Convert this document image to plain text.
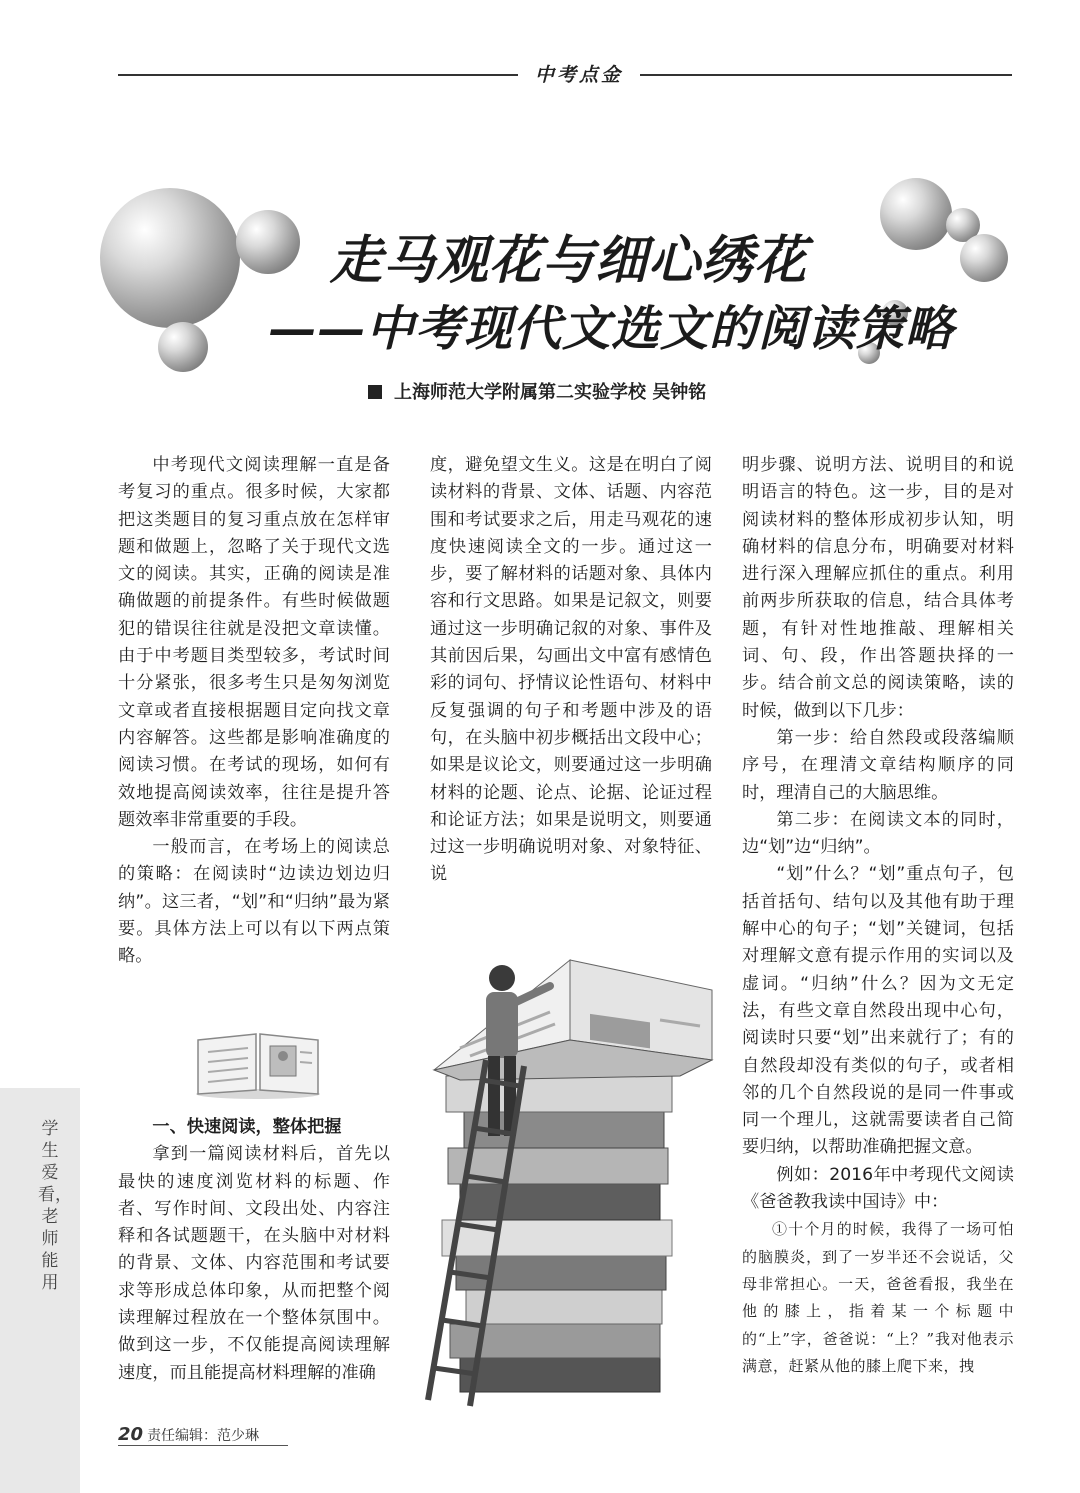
中考点金
走马观花与细心绣花
——中考现代文选文的阅读策略
上海师范大学附属第二实验学校 吴钟铭

中考现代文阅读理解一直是备考复习的重点。很多时候，大家都把这类题目的复习重点放在怎样审题和做题上，忽略了关于现代文选文的阅读。其实，正确的阅读是准确做题的前提条件。有些时候做题犯的错误往往就是没把文章读懂。由于中考题目类型较多，考试时间十分紧张，很多考生只是匆匆浏览文章或者直接根据题目定向找文章内容解答。这些都是影响准确度的阅读习惯。在考试的现场，如何有效地提高阅读效率，往往是提升答题效率非常重要的手段。

一般而言，在考场上的阅读总的策略：在阅读时“边读边划边归纳”。这三者，“划”和“归纳”最为紧要。具体方法上可以有以下两点策略。

一、快速阅读，整体把握

拿到一篇阅读材料后，首先以最快的速度浏览材料的标题、作者、写作时间、文段出处、内容注释和各试题题干，在头脑中对材料的背景、文体、内容范围和考试要求等形成总体印象，从而把整个阅读理解过程放在一个整体氛围中。做到这一步，不仅能提高阅读理解速度，而且能提高材料理解的准确

度，避免望文生义。这是在明白了阅读材料的背景、文体、话题、内容范围和考试要求之后，用走马观花的速度快速阅读全文的一步。通过这一步，要了解材料的话题对象、具体内容和行文思路。如果是记叙文，则要通过这一步明确记叙的对象、事件及其前因后果，勾画出文中富有感情色彩的词句、抒情议论性语句、材料中反复强调的句子和考题中涉及的语句，在头脑中初步概括出文段中心；如果是议论文，则要通过这一步明确材料的论题、论点、论据、论证过程和论证方法；如果是说明文，则要通过这一步明确说明对象、对象特征、说

明步骤、说明方法、说明目的和说明语言的特色。这一步，目的是对阅读材料的整体形成初步认知，明确材料的信息分布，明确要对材料进行深入理解应抓住的重点。利用前两步所获取的信息，结合具体考题，有针对性地推敲、理解相关词、句、段，作出答题抉择的一步。结合前文总的阅读策略，读的时候，做到以下几步：

第一步：给自然段或段落编顺序号，在理清文章结构顺序的同时，理清自己的大脑思维。

第二步：在阅读文本的同时，边“划”边“归纳”。

“划”什么？“划”重点句子，包括首括句、结句以及其他有助于理解中心的句子；“划”关键词，包括对理解文意有提示作用的实词以及虚词。“归纳”什么？因为文无定法，有些文章自然段出现中心句，阅读时只要“划”出来就行了；有的自然段却没有类似的句子，或者相邻的几个自然段说的是同一件事或同一个理儿，这就需要读者自己简要归纳，以帮助准确把握文意。

例如：2016年中考现代文阅读《爸爸教我读中国诗》中：

①十个月的时候，我得了一场可怕的脑膜炎，到了一岁半还不会说话，父母非常担心。一天，爸爸看报，我坐在他的膝上，指着某一个标题中的“上”字，爸爸说：“上？”我对他表示满意，赶紧从他的膝上爬下来，拽

学生爱看，老师能用
20 责任编辑：范少琳
